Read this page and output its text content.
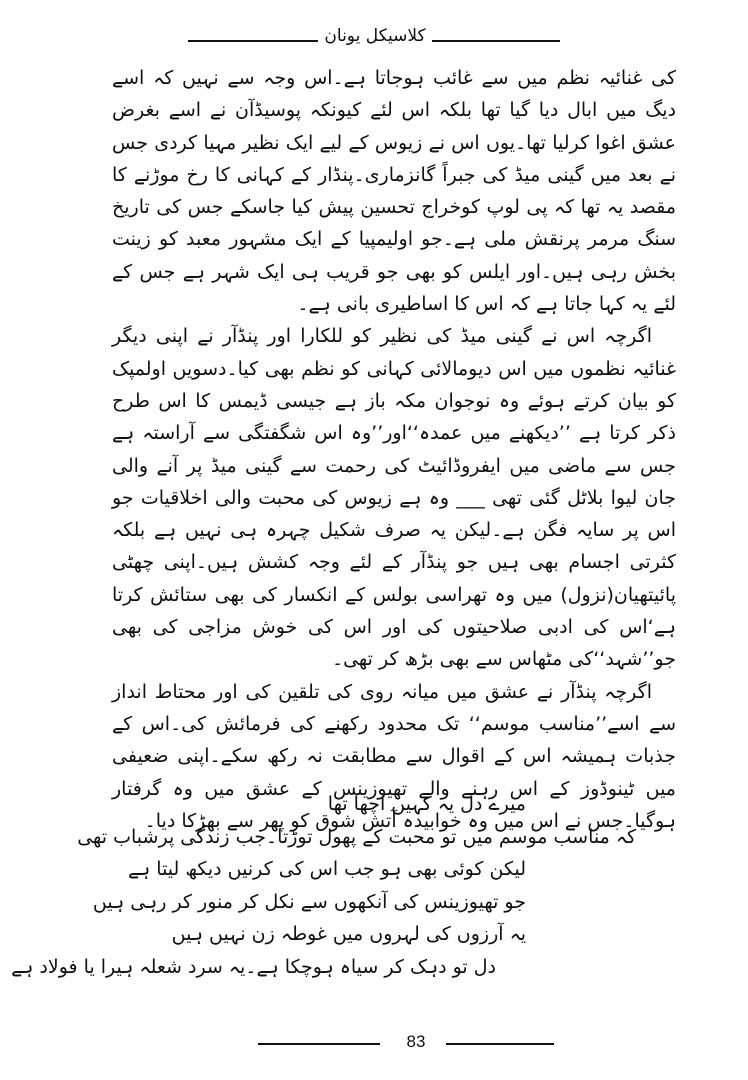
کلاسیکل یونان

کی غنائیہ نظم میں سے غائب ہوجاتا ہے۔اس وجہ سے نہیں کہ اسے دیگ میں ابال دیا گیا تھا بلکہ اس لئے کیونکہ پوسیڈآن نے اسے بغرض عشق اغوا کرلیا تھا۔یوں اس نے زیوس کے لیے ایک نظیر مہیا کردی جس نے بعد میں گینی میڈ کی جبراً گانزماری۔پنڈار کے کہانی کا رخ موڑنے کا مقصد یہ تھا کہ پی لوپ کوخراج تحسین پیش کیا جاسکے جس کی تاریخ سنگ مرمر پرنقش ملی ہے۔جو اولیمپیا کے ایک مشہور معبد کو زینت بخش رہی ہیں۔اور ایلس کو بھی جو قریب ہی ایک شہر ہے جس کے لئے یہ کہا جاتا ہے کہ اس کا اساطیری بانی ہے۔

اگرچہ اس نے گینی میڈ کی نظیر کو للکارا اور پنڈآر نے اپنی دیگر غنائیہ نظموں میں اس دیومالائی کہانی کو نظم بھی کیا۔دسویں اولمپک کو بیان کرتے ہوئے وہ نوجوان مکہ باز ہے جیسی ڈیمس کا اس طرح ذکر کرتا ہے ’’دیکھنے میں عمدہ‘‘اور’’وہ اس شگفتگی سے آراستہ ہے جس سے ماضی میں ایفروڈائیٹ کی رحمت سے گینی میڈ پر آنے والی جان لیوا بلاٹل گئی تھی ___ وہ ہے زیوس کی محبت والی اخلاقیات جو اس پر سایہ فگن ہے۔لیکن یہ صرف شکیل چہرہ ہی نہیں ہے بلکہ کثرتی اجسام بھی ہیں جو پنڈآر کے لئے وجہ کشش ہیں۔اپنی چھٹی پائیتھیان(نزول) میں وہ تھراسی بولس کے انکسار کی بھی ستائش کرتا ہے‘اس کی ادبی صلاحیتوں کی اور اس کی خوش مزاجی کی بھی جو’’شہد‘‘کی مٹھاس سے بھی بڑھ کر تھی۔

اگرچہ پنڈآر نے عشق میں میانہ روی کی تلقین کی اور محتاط انداز سے اسے’’مناسب موسم‘‘ تک محدود رکھنے کی فرمائش کی۔اس کے جذبات ہمیشہ اس کے اقوال سے مطابقت نہ رکھ سکے۔اپنی ضعیفی میں ٹینوڈوز کے اس رہنے والے تھیوزینس کے عشق میں وہ گرفتار ہوگیا۔جس نے اس میں وہ خوابیدہ آتش شوق کو پھر سے بھڑکا دیا۔

میرے دل یہ کہیں اچھا تھا
کہ مناسب موسم میں تو محبت کے پھول توڑتا۔جب زندگی پرشباب تھی
لیکن کوئی بھی ہو جب اس کی کرنیں دیکھ لیتا ہے
جو تھیوزینس کی آنکھوں سے نکل کر منور کر رہی ہیں
یہ آرزوں کی لہروں میں غوطہ زن نہیں ہیں
دل تو دہک کر سیاہ ہوچکا ہے۔یہ سرد شعلہ ہیرا یا فولاد ہے
83
